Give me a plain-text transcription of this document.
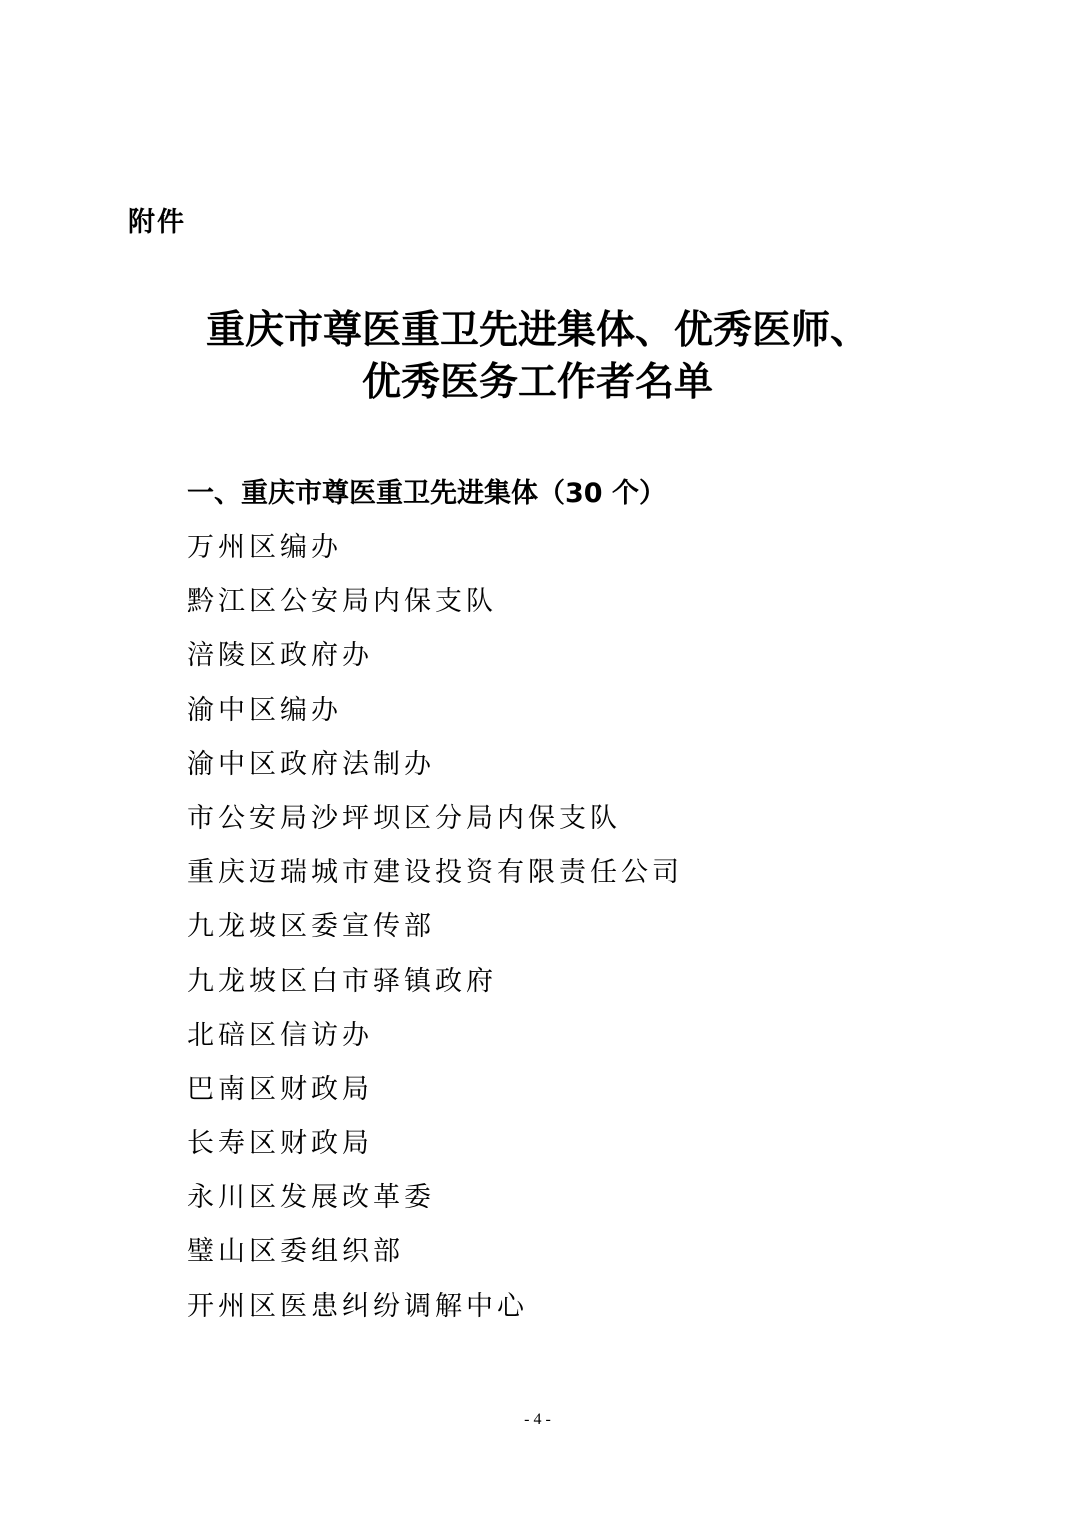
附件
重庆市尊医重卫先进集体、优秀医师、
优秀医务工作者名单
一、重庆市尊医重卫先进集体（30 个）
万州区编办
黔江区公安局内保支队
涪陵区政府办
渝中区编办
渝中区政府法制办
市公安局沙坪坝区分局内保支队
重庆迈瑞城市建设投资有限责任公司
九龙坡区委宣传部
九龙坡区白市驿镇政府
北碚区信访办
巴南区财政局
长寿区财政局
永川区发展改革委
璧山区委组织部
开州区医患纠纷调解中心
- 4 -
